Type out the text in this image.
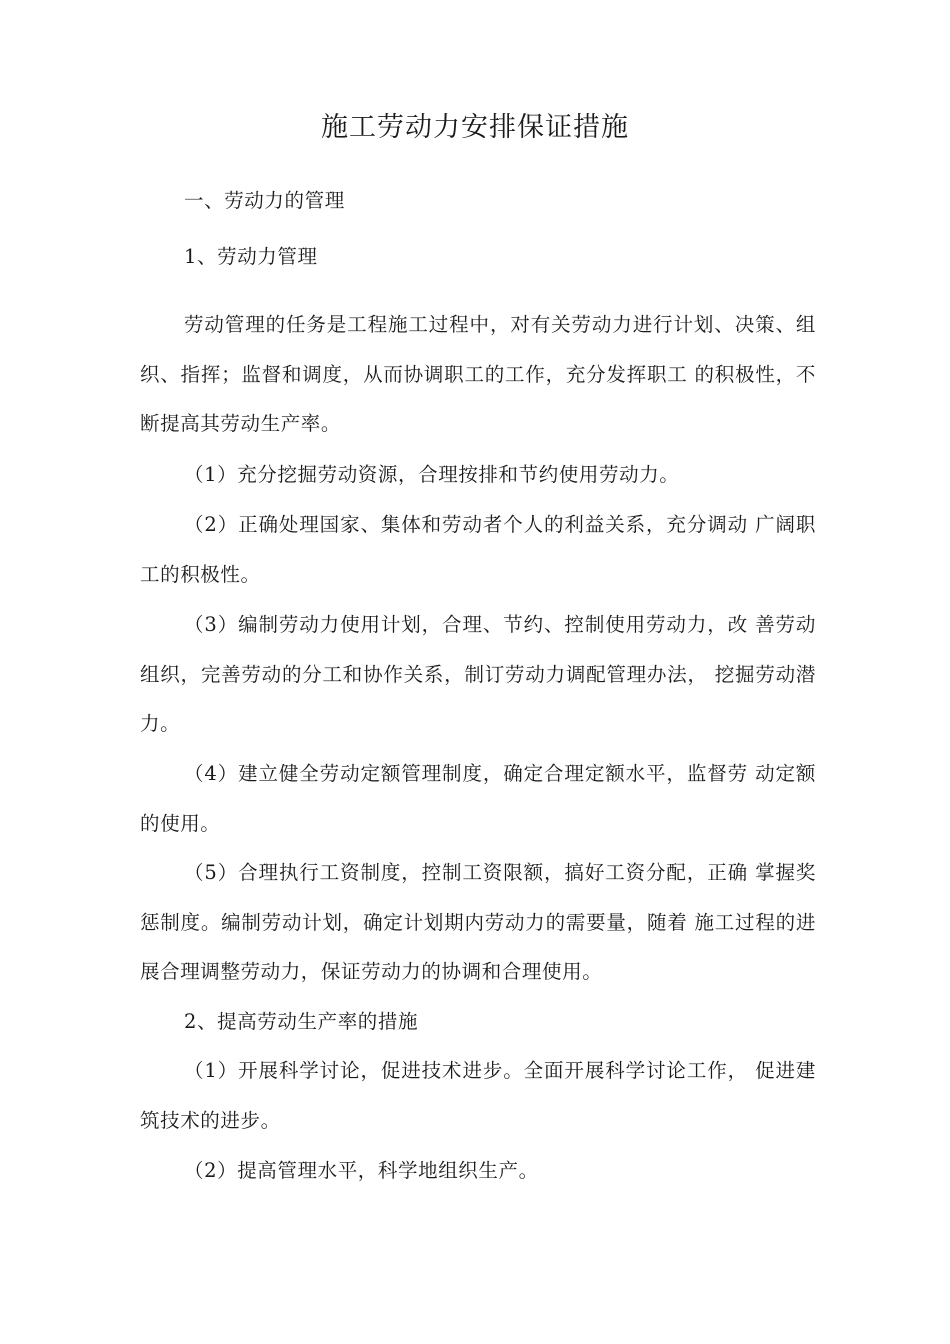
施工劳动力安排保证措施
一、劳动力的管理
1、劳动力管理
劳动管理的任务是工程施工过程中，对有关劳动力进行计划、决策、组织、指挥；监督和调度，从而协调职工的工作，充分发挥职工 的积极性，不断提高其劳动生产率。
（1）充分挖掘劳动资源，合理按排和节约使用劳动力。
（2）正确处理国家、集体和劳动者个人的利益关系，充分调动 广阔职工的积极性。
（3）编制劳动力使用计划，合理、节约、控制使用劳动力，改 善劳动组织，完善劳动的分工和协作关系，制订劳动力调配管理办法， 挖掘劳动潜力。
（4）建立健全劳动定额管理制度，确定合理定额水平，监督劳 动定额的使用。
（5）合理执行工资制度，控制工资限额，搞好工资分配，正确 掌握奖惩制度。编制劳动计划，确定计划期内劳动力的需要量，随着 施工过程的进展合理调整劳动力，保证劳动力的协调和合理使用。
2、提高劳动生产率的措施
（1）开展科学讨论，促进技术进步。全面开展科学讨论工作， 促进建筑技术的进步。
（2）提高管理水平，科学地组织生产。
